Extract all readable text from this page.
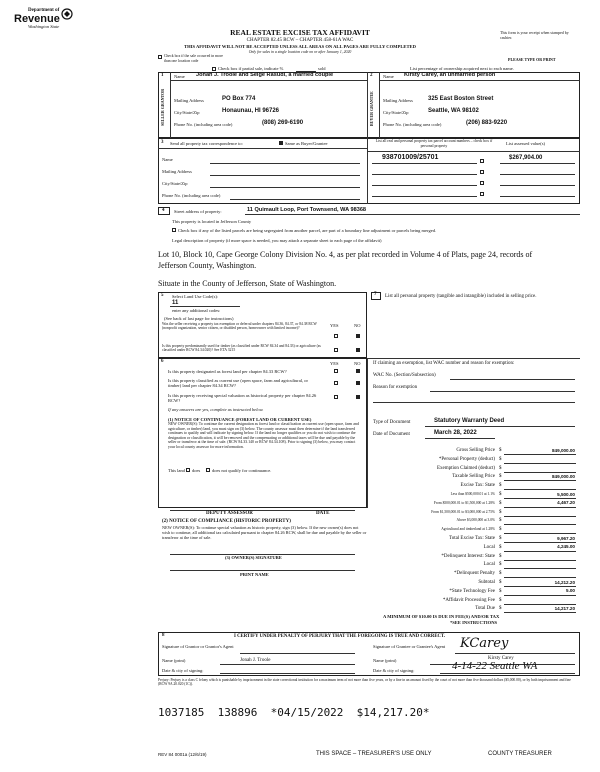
Department of
Revenue
Washington State
REAL ESTATE EXCISE TAX AFFIDAVIT
CHAPTER 82.45 RCW – CHAPTER 458-61A WAC
THIS AFFIDAVIT WILL NOT BE ACCEPTED UNLESS ALL AREAS ON ALL PAGES ARE FULLY COMPLETED
Only for sales in a single location code on or after January 1, 2020
This form is your receipt when stamped by cashier.
PLEASE TYPE OR PRINT
Check box if the sale occurred in more than one location code
Check box if partial sale, indicate %	sold	List percentage of ownership acquired next to each name.
1
SELLER GRANTOR
Name Jonah J. Troole and Selge Rasudl, a married couple
Mailing Address	PO Box 774
City/State/Zip	Honaunau, HI 96726
Phone No. (including area code)	(808) 269-6190
2
BUYER GRANTEE
Name Kirsty Carey, an unmarried person
Mailing Address	325 East Boston Street
City/State/Zip	Seattle, WA 98102
Phone No. (including area code)	(206) 883-9220
3 Send all property tax correspondence to:	Same as Buyer/Grantee
Name
Mailing Address
City/State/Zip
Phone No. (including area code)
List all real and personal property tax parcel account numbers – check box if personal property	List assessed value(s)
938701009/25701	$267,904.00
4 Street address of property:	11 Quimault Loop, Port Townsend, WA 98368
This property is located in Jefferson County
Check box if any of the listed parcels are being segregated from another parcel, are part of a boundary line adjustment or parcels being merged.
Legal description of property (if more space is needed, you may attach a separate sheet to each page of the affidavit)
Lot 10, Block 10, Cape George Colony Division No. 4, as per plat recorded in Volume 4 of Plats, page 24, records of
Jefferson County, Washington.
Situate in the County of Jefferson, State of Washington.
5 Select Land Use Code(s):
11
enter any additional codes:
(See back of last page for instructions)
YES	NO
Was the seller receiving a property tax exemption or deferral under chapters 84.36, 84.37, or 84.38 RCW (nonprofit organization, senior citizen, or disabled person, homeowner with limited income)?
Is this property predominantly used for timber (as classified under RCW 84.34 and 84.33) or agriculture (as classified under RCW 84.34.020)? See ETA 3215
6	YES	NO
Is this property designated as forest land per chapter 84.33 RCW?
Is this property classified as current use (open space, farm and agricultural, or timber) land per chapter 84.34 RCW?
Is this property receiving special valuation as historical property per chapter 84.26 RCW?
If any answers are yes, complete as instructed below.
(1) NOTICE OF CONTINUANCE (FOREST LAND OR CURRENT USE)
NEW OWNER(S): To continue the current designation as forest land or classification as current use (open space, farm and agriculture, or timber) land, you must sign on (3) below. The county assessor must then determine if the land transferred continues to qualify and will indicate by signing below. If the land no longer qualifies or you do not wish to continue the designation or classification, it will be removed and the compensating or additional taxes will be due and payable by the seller or transferor at the time of sale. (RCW 84.33.140 or RCW 84.34.108). Prior to signing (3) below, you may contact your local county assessor for more information.
This land does	does not qualify for continuance.
DEPUTY ASSESSOR	DATE
(2) NOTICE OF COMPLIANCE (HISTORIC PROPERTY)
NEW OWNER(S): To continue special valuation as historic property, sign (3) below. If the new owner(s) does not wish to continue, all additional tax calculated pursuant to chapter 84.26 RCW, shall be due and payable by the seller or transferor at the time of sale.
(3) OWNER(S) SIGNATURE
PRINT NAME
7 List all personal property (tangible and intangible) included in selling price.
If claiming an exemption, list WAC number and reason for exemption:
WAC No. (Section/Subsection)
Reason for exemption
Type of Document	Statutory Warranty Deed
Date of Document	March 28, 2022
Gross Selling Price $	849,000.00
*Personal Property (deduct) $
Exemption Claimed (deduct) $
Taxable Selling Price $	849,000.00
Excise Tax: State $
Less than $500,000.01 at 1.1% $	5,500.00
From $500,000.01 to $1,500,000 at 1.28% $	4,467.20
From $1,500,000.01 to $3,000,000 at 2.75% $
Above $3,000,000 at 3.0% $
Agricultural and timberland at 1.28% $
Total Excise Tax: State $	9,967.20
Local $	4,245.00
*Delinquent Interest: State $
Local $
*Delinquent Penalty $
Subtotal $	14,212.20
*State Technology Fee $	5.00
*Affidavit Processing Fee $
Total Due $	14,217.20
A MINIMUM OF $10.00 IS DUE IN FEE(S) AND/OR TAX
*SEE INSTRUCTIONS
8	I CERTIFY UNDER PENALTY OF PERJURY THAT THE FOREGOING IS TRUE AND CORRECT.
Signature of Grantor or Grantor's Agent	Signature of Grantee or Grantee's Agent	KCarey
Name (print)	Jonah J. Troole	Name (print)	Kirsty Carey
Date & city of signing:	Date & city of signing:	4-14-22 Seattle WA
Perjury: Perjury is a class C felony which is punishable by imprisonment in the state correctional institution for a maximum term of not more than five years, or by a fine in an amount fixed by the court of not more than five thousand dollars ($5,000.00), or by both imprisonment and fine (RCW 9A.20.020 (1C)).
1037185  138896  *04/15/2022  $14,217.20*
REV 84 0001a (12/6/19)	THIS SPACE – TREASURER'S USE ONLY	COUNTY TREASURER
